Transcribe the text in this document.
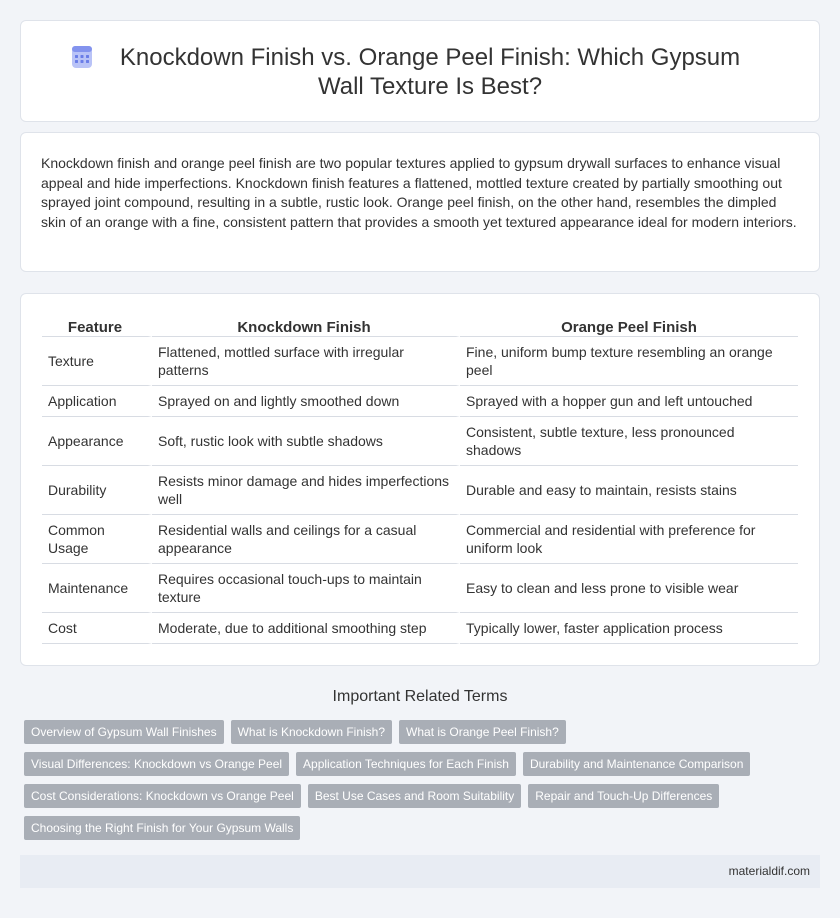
Knockdown Finish vs. Orange Peel Finish: Which Gypsum Wall Texture Is Best?

Knockdown finish and orange peel finish are two popular textures applied to gypsum drywall surfaces to enhance visual appeal and hide imperfections. Knockdown finish features a flattened, mottled texture created by partially smoothing out sprayed joint compound, resulting in a subtle, rustic look. Orange peel finish, on the other hand, resembles the dimpled skin of an orange with a fine, consistent pattern that provides a smooth yet textured appearance ideal for modern interiors.

Feature	Knockdown Finish	Orange Peel Finish
Texture	Flattened, mottled surface with irregular patterns	Fine, uniform bump texture resembling an orange peel
Application	Sprayed on and lightly smoothed down	Sprayed with a hopper gun and left untouched
Appearance	Soft, rustic look with subtle shadows	Consistent, subtle texture, less pronounced shadows
Durability	Resists minor damage and hides imperfections well	Durable and easy to maintain, resists stains
Common Usage	Residential walls and ceilings for a casual appearance	Commercial and residential with preference for uniform look
Maintenance	Requires occasional touch-ups to maintain texture	Easy to clean and less prone to visible wear
Cost	Moderate, due to additional smoothing step	Typically lower, faster application process
Important Related Terms
Overview of Gypsum Wall Finishes	What is Knockdown Finish?	What is Orange Peel Finish?
Visual Differences: Knockdown vs Orange Peel	Application Techniques for Each Finish	Durability and Maintenance Comparison
Cost Considerations: Knockdown vs Orange Peel	Best Use Cases and Room Suitability	Repair and Touch-Up Differences
Choosing the Right Finish for Your Gypsum Walls
materialdif.com
